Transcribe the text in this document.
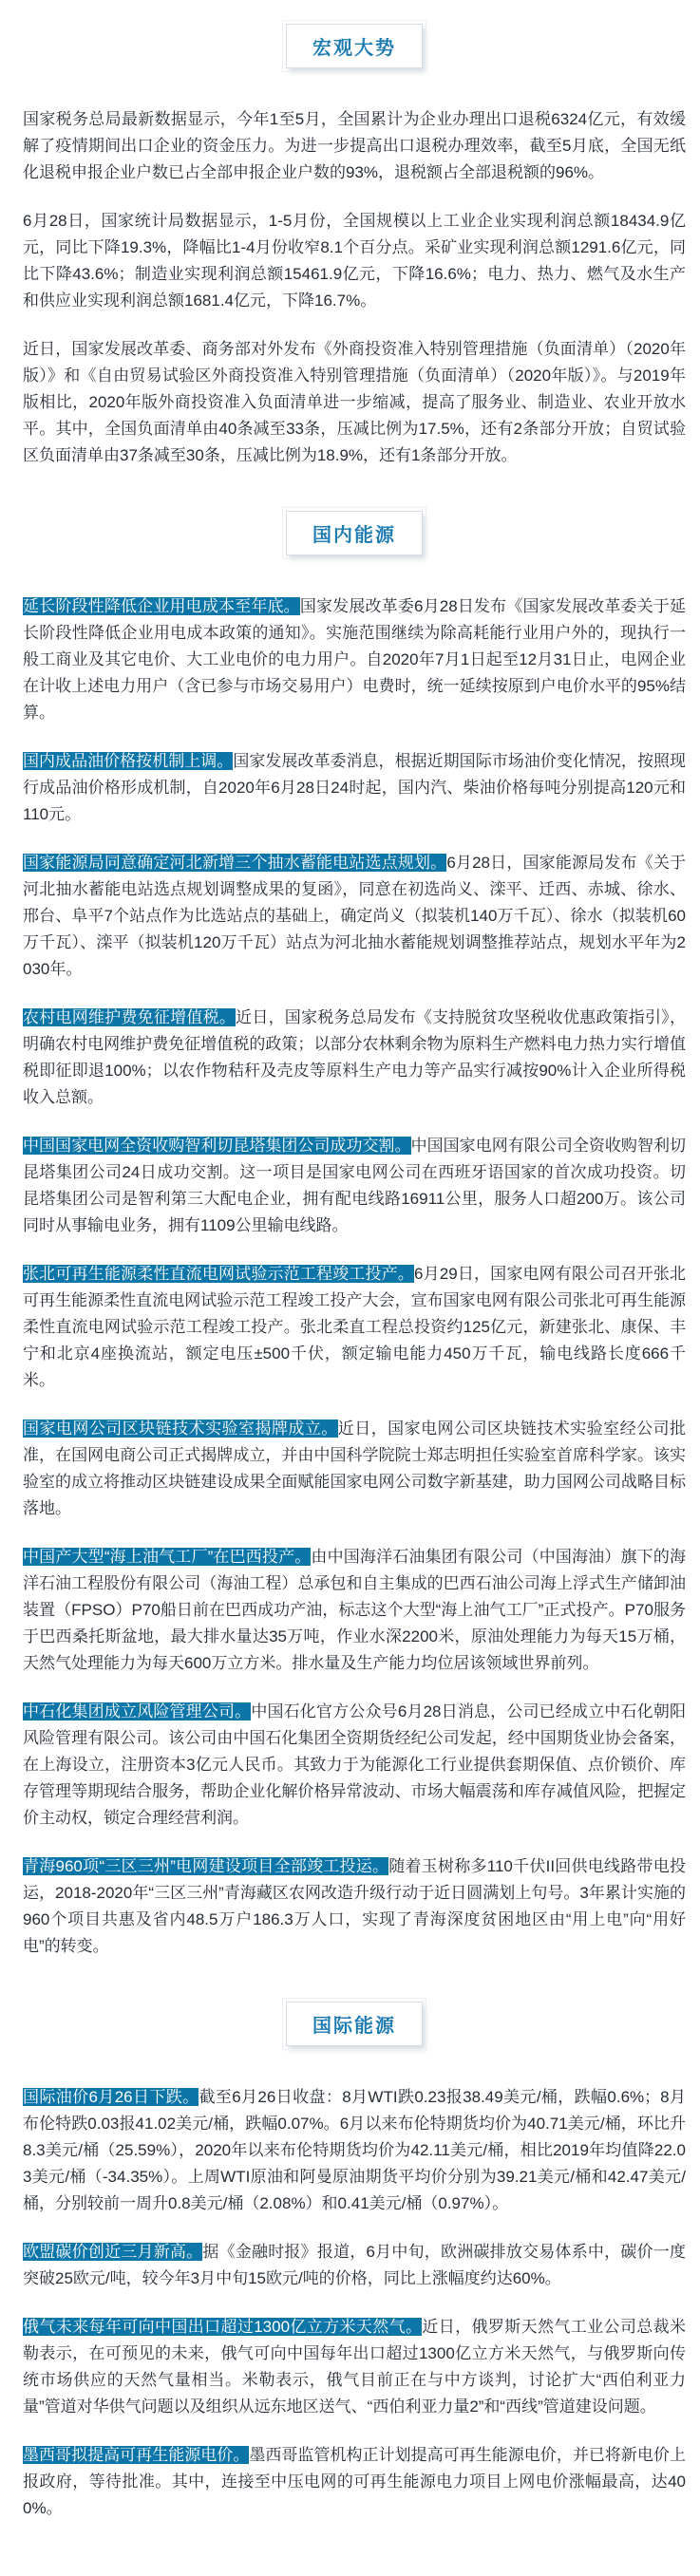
宏观大势

国家税务总局最新数据显示，今年1至5月，全国累计为企业办理出口退税6324亿元，有效缓解了疫情期间出口企业的资金压力。为进一步提高出口退税办理效率，截至5月底，全国无纸化退税申报企业户数已占全部申报企业户数的93%，退税额占全部退税额的96%。

6月28日，国家统计局数据显示，1-5月份，全国规模以上工业企业实现利润总额18434.9亿元，同比下降19.3%，降幅比1-4月份收窄8.1个百分点。采矿业实现利润总额1291.6亿元，同比下降43.6%；制造业实现利润总额15461.9亿元，下降16.6%；电力、热力、燃气及水生产和供应业实现利润总额1681.4亿元，下降16.7%。

近日，国家发展改革委、商务部对外发布《外商投资准入特别管理措施（负面清单）（2020年版）》和《自由贸易试验区外商投资准入特别管理措施（负面清单）（2020年版）》。与2019年版相比，2020年版外商投资准入负面清单进一步缩减，提高了服务业、制造业、农业开放水平。其中，全国负面清单由40条减至33条，压减比例为17.5%，还有2条部分开放；自贸试验区负面清单由37条减至30条，压减比例为18.9%，还有1条部分开放。

国内能源

延长阶段性降低企业用电成本至年底。国家发展改革委6月28日发布《国家发展改革委关于延长阶段性降低企业用电成本政策的通知》。实施范围继续为除高耗能行业用户外的，现执行一般工商业及其它电价、大工业电价的电力用户。自2020年7月1日起至12月31日止，电网企业在计收上述电力用户（含已参与市场交易用户）电费时，统一延续按原到户电价水平的95%结算。

国内成品油价格按机制上调。国家发展改革委消息，根据近期国际市场油价变化情况，按照现行成品油价格形成机制，自2020年6月28日24时起，国内汽、柴油价格每吨分别提高120元和110元。

国家能源局同意确定河北新增三个抽水蓄能电站选点规划。6月28日，国家能源局发布《关于河北抽水蓄能电站选点规划调整成果的复函》，同意在初选尚义、滦平、迁西、赤城、徐水、邢台、阜平7个站点作为比选站点的基础上，确定尚义（拟装机140万千瓦）、徐水（拟装机60万千瓦）、滦平（拟装机120万千瓦）站点为河北抽水蓄能规划调整推荐站点，规划水平年为2030年。

农村电网维护费免征增值税。近日，国家税务总局发布《支持脱贫攻坚税收优惠政策指引》，明确农村电网维护费免征增值税的政策；以部分农林剩余物为原料生产燃料电力热力实行增值税即征即退100%；以农作物秸秆及壳皮等原料生产电力等产品实行减按90%计入企业所得税收入总额。

中国国家电网全资收购智利切昆塔集团公司成功交割。中国国家电网有限公司全资收购智利切昆塔集团公司24日成功交割。这一项目是国家电网公司在西班牙语国家的首次成功投资。切昆塔集团公司是智利第三大配电企业，拥有配电线路16911公里，服务人口超200万。该公司同时从事输电业务，拥有1109公里输电线路。

张北可再生能源柔性直流电网试验示范工程竣工投产。6月29日，国家电网有限公司召开张北可再生能源柔性直流电网试验示范工程竣工投产大会，宣布国家电网有限公司张北可再生能源柔性直流电网试验示范工程竣工投产。张北柔直工程总投资约125亿元，新建张北、康保、丰宁和北京4座换流站，额定电压±500千伏，额定输电能力450万千瓦，输电线路长度666千米。

国家电网公司区块链技术实验室揭牌成立。近日，国家电网公司区块链技术实验室经公司批准，在国网电商公司正式揭牌成立，并由中国科学院院士郑志明担任实验室首席科学家。该实验室的成立将推动区块链建设成果全面赋能国家电网公司数字新基建，助力国网公司战略目标落地。

中国产大型“海上油气工厂”在巴西投产。由中国海洋石油集团有限公司（中国海油）旗下的海洋石油工程股份有限公司（海油工程）总承包和自主集成的巴西石油公司海上浮式生产储卸油装置（FPSO）P70船日前在巴西成功产油，标志这个大型“海上油气工厂”正式投产。P70服务于巴西桑托斯盆地，最大排水量达35万吨，作业水深2200米，原油处理能力为每天15万桶，天然气处理能力为每天600万立方米。排水量及生产能力均位居该领域世界前列。

中石化集团成立风险管理公司。中国石化官方公众号6月28日消息，公司已经成立中石化朝阳风险管理有限公司。该公司由中国石化集团全资期货经纪公司发起，经中国期货业协会备案，在上海设立，注册资本3亿元人民币。其致力于为能源化工行业提供套期保值、点价锁价、库存管理等期现结合服务，帮助企业化解价格异常波动、市场大幅震荡和库存减值风险，把握定价主动权，锁定合理经营利润。

青海960项“三区三州”电网建设项目全部竣工投运。随着玉树称多110千伏II回供电线路带电投运，2018-2020年“三区三州”青海藏区农网改造升级行动于近日圆满划上句号。3年累计实施的960个项目共惠及省内48.5万户186.3万人口，实现了青海深度贫困地区由“用上电”向“用好电”的转变。

国际能源

国际油价6月26日下跌。截至6月26日收盘：8月WTI跌0.23报38.49美元/桶，跌幅0.6%；8月布伦特跌0.03报41.02美元/桶，跌幅0.07%。6月以来布伦特期货均价为40.71美元/桶，环比升8.3美元/桶（25.59%），2020年以来布伦特期货均价为42.11美元/桶，相比2019年均值降22.03美元/桶（-34.35%）。上周WTI原油和阿曼原油期货平均价分别为39.21美元/桶和42.47美元/桶，分别较前一周升0.8美元/桶（2.08%）和0.41美元/桶（0.97%）。

欧盟碳价创近三月新高。据《金融时报》报道，6月中旬，欧洲碳排放交易体系中，碳价一度突破25欧元/吨，较今年3月中旬15欧元/吨的价格，同比上涨幅度约达60%。

俄气未来每年可向中国出口超过1300亿立方米天然气。近日，俄罗斯天然气工业公司总裁米勒表示，在可预见的未来，俄气可向中国每年出口超过1300亿立方米天然气，与俄罗斯向传统市场供应的天然气量相当。米勒表示，俄气目前正在与中方谈判，讨论扩大“西伯利亚力量”管道对华供气问题以及组织从远东地区送气、“西伯利亚力量2”和“西线”管道建设问题。

墨西哥拟提高可再生能源电价。墨西哥监管机构正计划提高可再生能源电价，并已将新电价上报政府，等待批准。其中，连接至中压电网的可再生能源电力项目上网电价涨幅最高，达400%。
